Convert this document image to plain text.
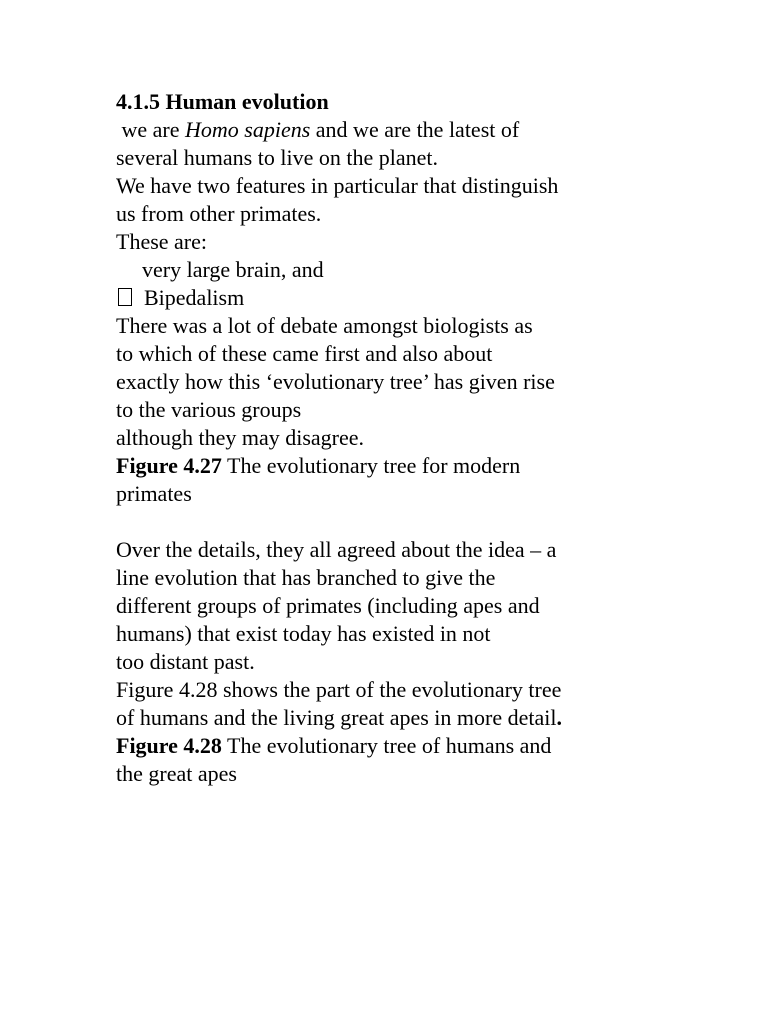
4.1.5 Human evolution
we are Homo sapiens and we are the latest of
several humans to live on the planet.
We have two features in particular that distinguish
us from other primates.
These are:
very large brain, and
Bipedalism
There was a lot of debate amongst biologists as
to which of these came first and also about
exactly how this ‘evolutionary tree’ has given rise
to the various groups
although they may disagree.
Figure 4.27 The evolutionary tree for modern
primates
Over the details, they all agreed about the idea – a
line evolution that has branched to give the
different groups of primates (including apes and
humans) that exist today has existed in not
too distant past.
Figure 4.28 shows the part of the evolutionary tree
of humans and the living great apes in more detail.
Figure 4.28 The evolutionary tree of humans and
the great apes
